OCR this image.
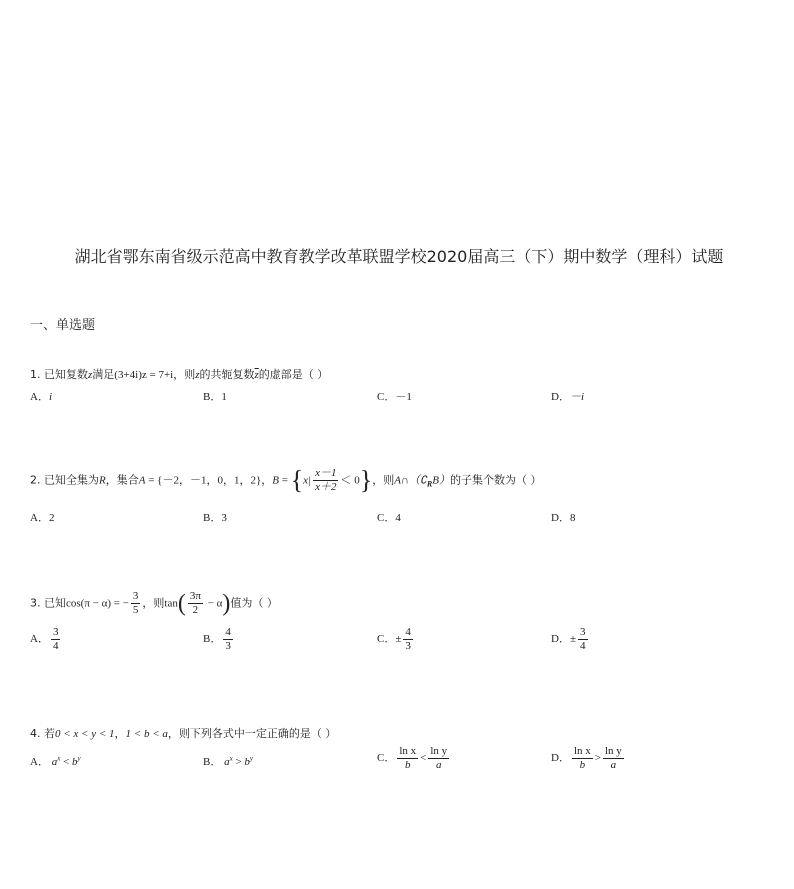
湖北省鄂东南省级示范高中教育教学改革联盟学校2020届高三（下）期中数学（理科）试题
一、单选题
1. 已知复数z满足(3+4i)z = 7+i，则z的共轭复数$\overline{z}$的虚部是（ ）
A．i	B．1	C．－1	D．－i
2. 已知全集为R，集合A = {－2，－1，0，1，2}，$B = \{x| \frac{x-1}{x+2} < 0\}$，则$A\cap(∁_RB)$的子集个数为（ ）
A．2	B．3	C．4	D．8
3. 已知cos(π − α) = − $\frac{3}{5}$ ，则$\tan( \frac{3\pi}{2} - \alpha)$值为（ ）
A． $\frac{3}{4}$	B． $\frac{4}{3}$	C．± $\frac{4}{3}$	D．± $\frac{3}{4}$
4. 若0 < x < y < 1，1 < b < a，则下列各式中一定正确的是（ ）
A． $a^x < b^y$	B． $a^x > b^y$	C． $\frac{\text{ln x}}{b} < \frac{\text{ln y}}{a}$	D． $\frac{\text{ln x}}{b} > \frac{\text{ln y}}{a}$
